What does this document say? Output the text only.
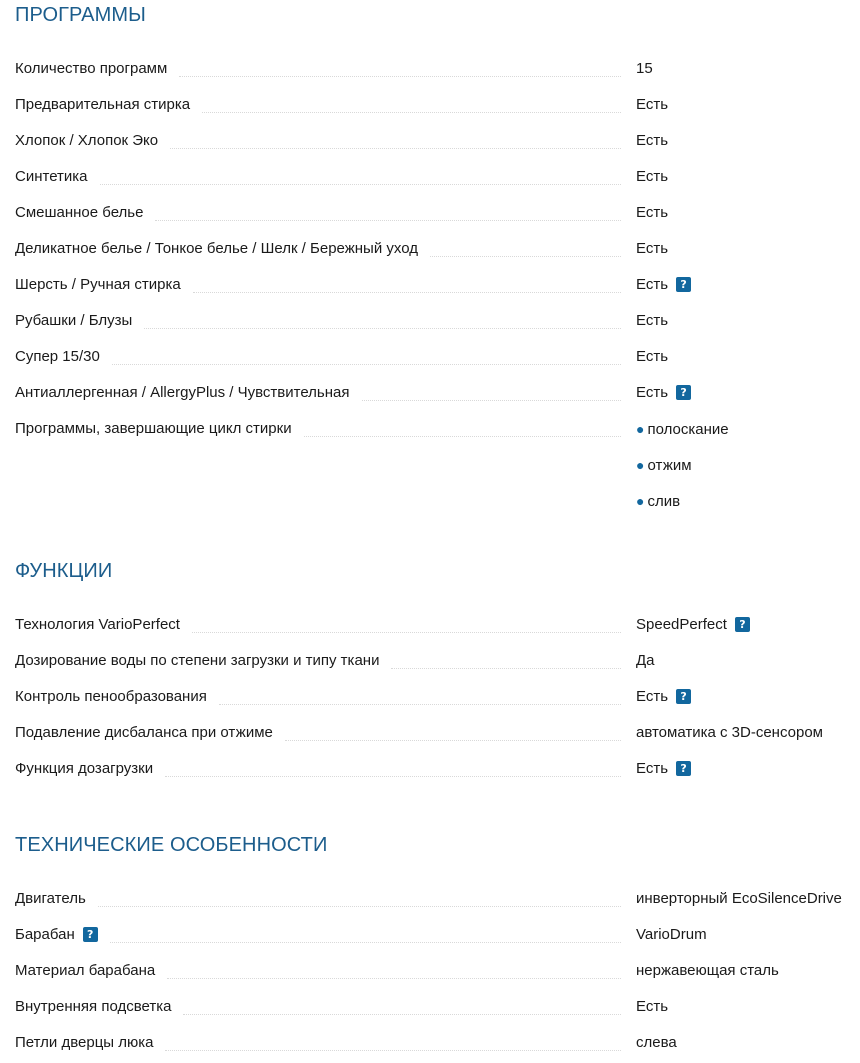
ПРОГРАММЫ
Количество программ	15
Предварительная стирка	Есть
Хлопок / Хлопок Эко	Есть
Синтетика	Есть
Смешанное белье	Есть
Деликатное белье / Тонкое белье / Шелк / Бережный уход	Есть
Шерсть / Ручная стирка	Есть ?
Рубашки / Блузы	Есть
Супер 15/30	Есть
Антиаллергенная / AllergyPlus / Чувствительная	Есть ?
Программы, завершающие цикл стирки	● полоскание
● отжим
● слив
ФУНКЦИИ
Технология VarioPerfect	SpeedPerfect ?
Дозирование воды по степени загрузки и типу ткани	Да
Контроль пенообразования	Есть ?
Подавление дисбаланса при отжиме	автоматика с 3D-сенсором
Функция дозагрузки	Есть ?
ТЕХНИЧЕСКИЕ ОСОБЕННОСТИ
Двигатель	инверторный EcoSilenceDrive
Барабан	?	VarioDrum
Материал барабана	нержавеющая сталь
Внутренняя подсветка	Есть
Петли дверцы люка	слева
